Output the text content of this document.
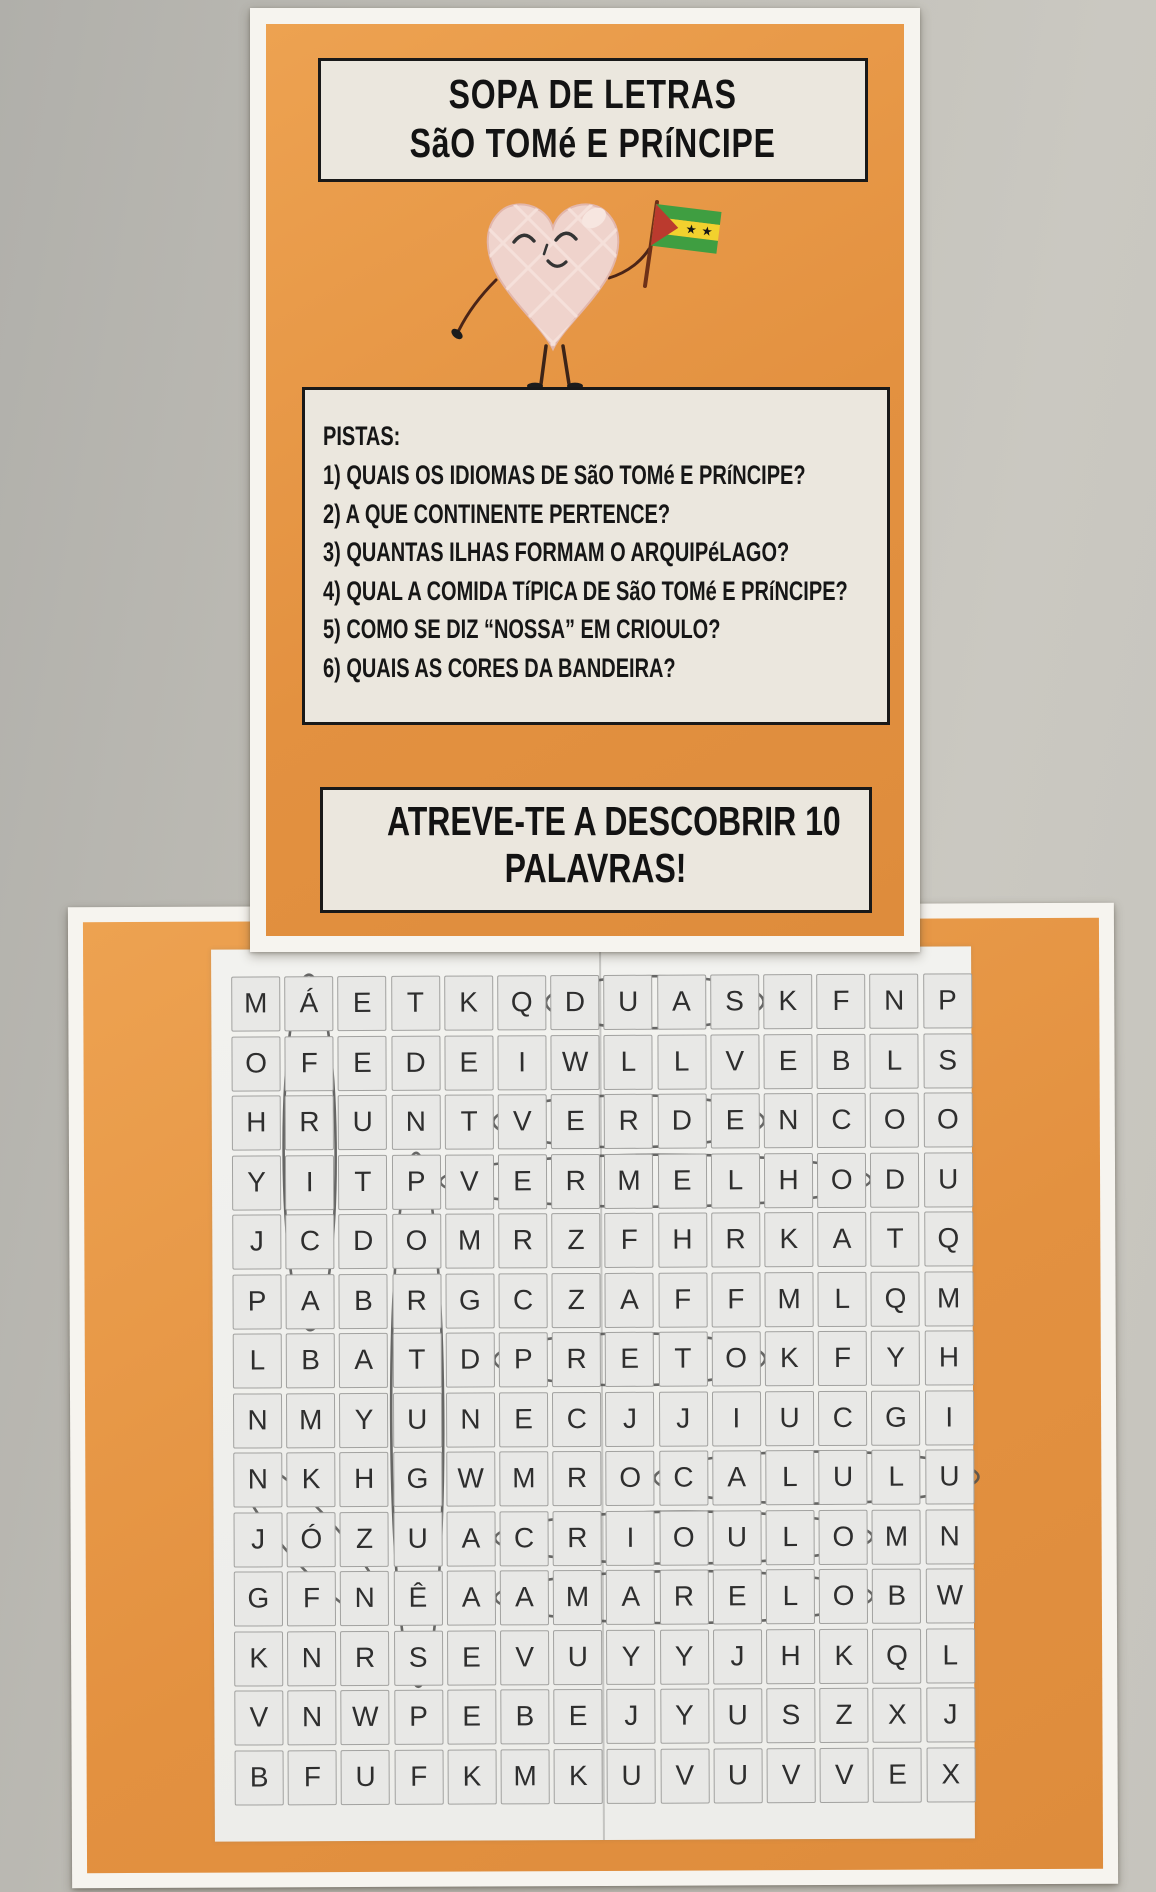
M	Á	E	T	K	Q	D	U	A	S	K	F	N	P
O	F	E	D	E	I	W	L	L	V	E	B	L	S
H	R	U	N	T	V	E	R	D	E	N	C	O	O
Y	I	T	P	V	E	R	M	E	L	H	O	D	U
J	C	D	O	M	R	Z	F	H	R	K	A	T	Q
P	A	B	R	G	C	Z	A	F	F	M	L	Q	M
L	B	A	T	D	P	R	E	T	O	K	F	Y	H
N	M	Y	U	N	E	C	J	J	I	U	C	G	I
N	K	H	G	W	M	R	O	C	A	L	U	L	U
J	Ó	Z	U	A	C	R	I	O	U	L	O	M	N
G	F	N	Ê	A	A	M	A	R	E	L	O	B	W
K	N	R	S	E	V	U	Y	Y	J	H	K	Q	L
V	N	W	P	E	B	E	J	Y	U	S	Z	X	J
B	F	U	F	K	M	K	U	V	U	V	V	E	X
SOPA DE LETRAS
SãO TOMé E PRíNCIPE
PISTAS:
1) QUAIS OS IDIOMAS DE SãO TOMé E PRíNCIPE?
2) A QUE CONTINENTE PERTENCE?
3) QUANTAS ILHAS FORMAM O ARQUIPéLAGO?
4) QUAL A COMIDA TíPICA DE SãO TOMé E PRíNCIPE?
5) COMO SE DIZ “NOSSA” EM CRIOULO?
6) QUAIS AS CORES DA BANDEIRA?
ATREVE-TE A DESCOBRIR 10
PALAVRAS!
